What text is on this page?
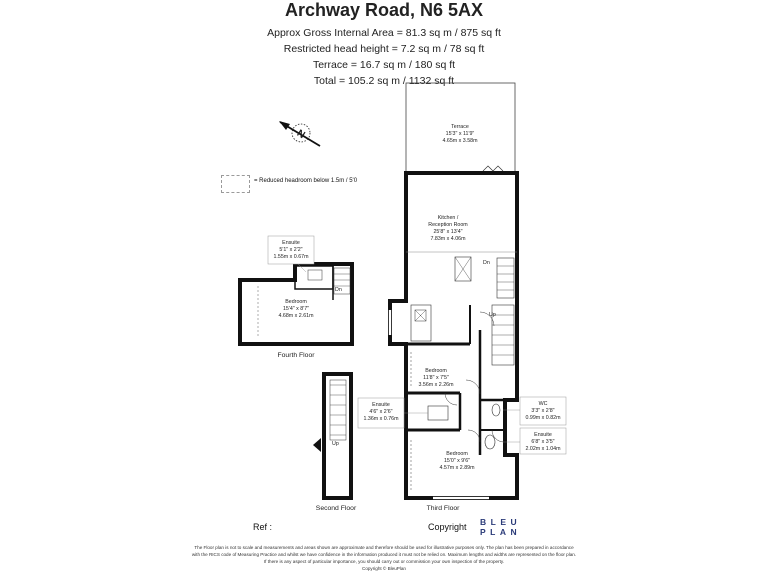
Archway Road, N6 5AX
Approx Gross Internal Area = 81.3 sq m / 875 sq ft
Restricted head height = 7.2 sq m / 78 sq ft
Terrace = 16.7 sq m / 180 sq ft
Total = 105.2 sq m / 1132 sq ft
= Reduced headroom below 1.5m / 5'0
N
Terrace
15'3" x 11'9"
4.65m x 3.58m
Kitchen /
Reception Room
25'8" x 13'4"
7.83m x 4.06m
Bedroom
11'8" x 7'5"
3.56m x 2.26m
Bedroom
15'0" x 9'6"
4.57m x 2.89m
Ensuite
4'6" x 2'6"
1.36m x 0.76m
WC
3'3" x 2'8"
0.99m x 0.82m
Ensuite
6'8" x 3'5"
2.02m x 1.04m
Dn
Up
Third Floor
Ensuite
5'1" x 2'2"
1.55m x 0.67m
Bedroom
15'4" x 8'7"
4.68m x 2.61m
Dn
Fourth Floor
Up
Second Floor
Ref :	Copyright BLEU
PLAN
The Floor plan is not to scale and measurements and areas shown are approximate and therefore should be used for illustrative purposes only. The plan has been prepared in accordance
with the RICS code of Measuring Practice and whilst we have confidence in the information produced it must not be relied on. Maximum lengths and widths are represented on the floor plan.
If there is any aspect of particular importance, you should carry out or commission your own inspection of the property.
Copyright © BleuPlan
